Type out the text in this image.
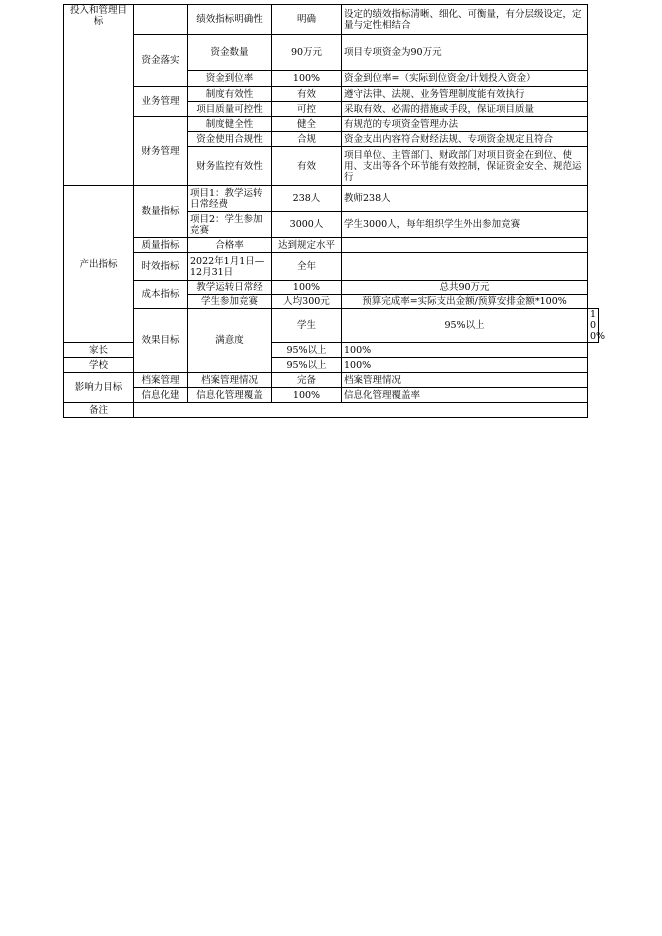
投入和管理目标		绩效指标明确性	明确	设定的绩效指标清晰、细化、可衡量，有分层级设定，定量与定性相结合	
	资金落实	资金数量	90万元	项目专项资金为90万元	
		资金到位率	100%	资金到位率=（实际到位资金/计划投入资金）	
	业务管理	制度有效性	有效	遵守法律、法规、业务管理制度能有效执行	
		项目质量可控性	可控	采取有效、必需的措施或手段，保证项目质量	
	财务管理	制度健全性	健全	有规范的专项资金管理办法	
		资金使用合规性	合规	资金支出内容符合财经法规、专项资金规定且符合	
		财务监控有效性	有效	项目单位、主管部门、财政部门对项目资金在到位、使用、支出等各个环节能有效控制，保证资金安全、规范运行	
产出指标	数量指标	项目1：教学运转日常经费	238人	教师238人	
		项目2：学生参加竞赛	3000人	学生3000人，每年组织学生外出参加竞赛	
	质量指标	合格率	达到规定水平		
	时效指标	2022年1月1日—12月31日	全年		
	成本指标	教学运转日常经	100%	总共90万元	
		学生参加竞赛	人均300元	预算完成率=实际支出金额/预算安排金额*100%	
	效果目标	满意度	学生	95%以上	100%
家长			95%以上	100%	
学校			95%以上	100%	
影响力目标	档案管理	档案管理情况	完备	档案管理情况	
	信息化建	信息化管理覆盖	100%	信息化管理覆盖率	
备注					
